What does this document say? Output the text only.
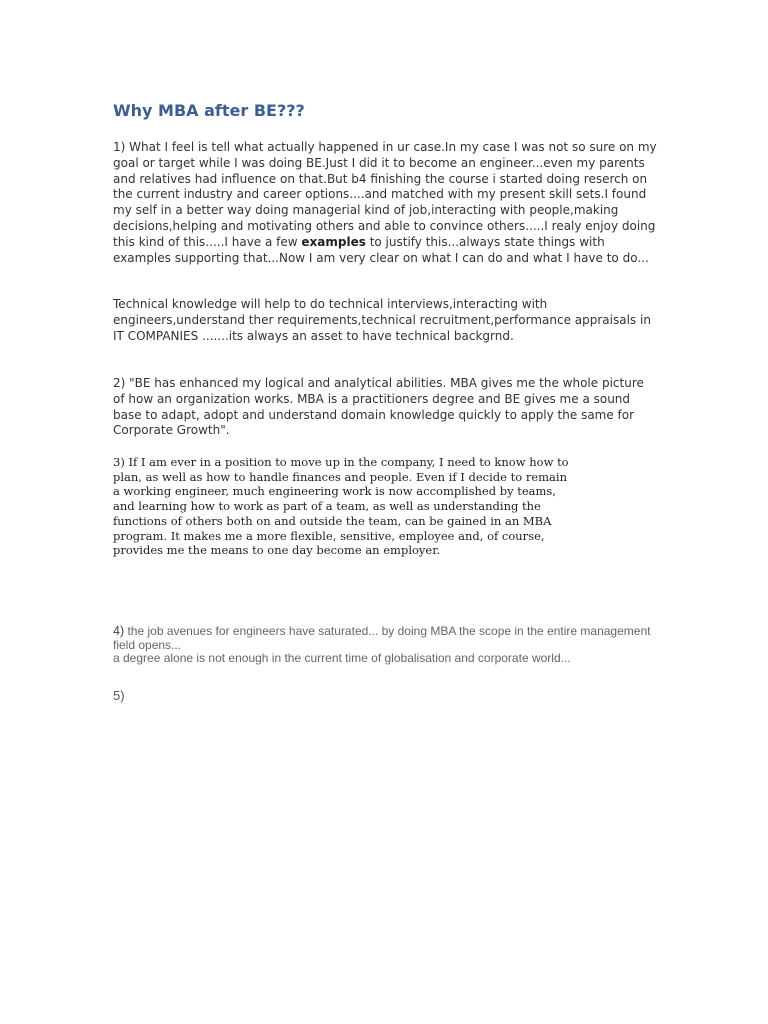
Why MBA after BE???

1) What I feel is tell what actually happened in ur case.In my case I was not so sure on my goal or target while I was doing BE.Just I did it to become an engineer...even my parents and relatives had influence on that.But b4 finishing the course i started doing reserch on the current industry and career options....and matched with my present skill sets.I found my self in a better way doing managerial kind of job,interacting with people,making decisions,helping and motivating others and able to convince others.....I realy enjoy doing this kind of this.....I have a few examples to justify this...always state things with examples supporting that...Now I am very clear on what I can do and what I have to do...

Technical knowledge will help to do technical interviews,interacting with engineers,understand ther requirements,technical recruitment,performance appraisals in IT COMPANIES .......its always an asset to have technical backgrnd.

2) "BE has enhanced my logical and analytical abilities. MBA gives me the whole picture of how an organization works. MBA is a practitioners degree and BE gives me a sound base to adapt, adopt and understand domain knowledge quickly to apply the same for Corporate Growth".

3) If I am ever in a position to move up in the company, I need to know how to plan, as well as how to handle finances and people. Even if I decide to remain a working engineer, much engineering work is now accomplished by teams, and learning how to work as part of a team, as well as understanding the functions of others both on and outside the team, can be gained in an MBA program. It makes me a more flexible, sensitive, employee and, of course, provides me the means to one day become an employer.

4) the job avenues for engineers have saturated... by doing MBA the scope in the entire management field opens...
a degree alone is not enough in the current time of globalisation and corporate world...

5)
